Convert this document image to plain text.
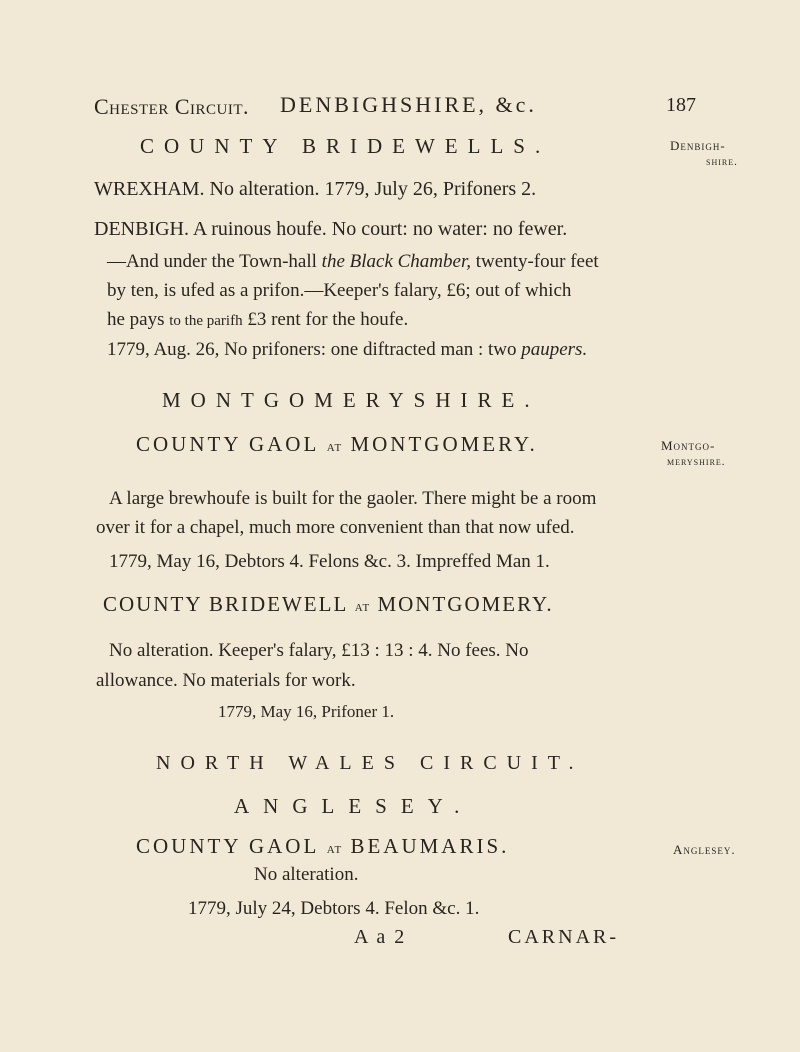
Chester Circuit. DENBIGHSHIRE, &c.	187
COUNTY BRIDEWELLS.	Denbigh-
shire.
WREXHAM. No alteration. 1779, July 26, Prifoners 2.
DENBIGH. A ruinous houfe. No court: no water: no fewer.
—And under the Town-hall the Black Chamber, twenty-four feet
by ten, is ufed as a prifon.—Keeper's falary, £6; out of which
he pays to the parifh £3 rent for the houfe.
1779, Aug. 26, No prifoners: one diftracted man : two paupers.
MONTGOMERYSHIRE.
COUNTY GAOL at MONTGOMERY.	Montgo-
meryshire.
A large brewhoufe is built for the gaoler. There might be a room
over it for a chapel, much more convenient than that now ufed.
1779, May 16, Debtors 4. Felons &c. 3. Impreffed Man 1.
COUNTY BRIDEWELL at MONTGOMERY.
No alteration. Keeper's falary, £13 : 13 : 4. No fees. No
allowance. No materials for work.
1779, May 16, Prifoner 1.
NORTH WALES CIRCUIT.
ANGLESEY.
COUNTY GAOL at BEAUMARIS.	Anglesey.
No alteration.
1779, July 24, Debtors 4. Felon &c. 1.
A a 2	CARNAR-
